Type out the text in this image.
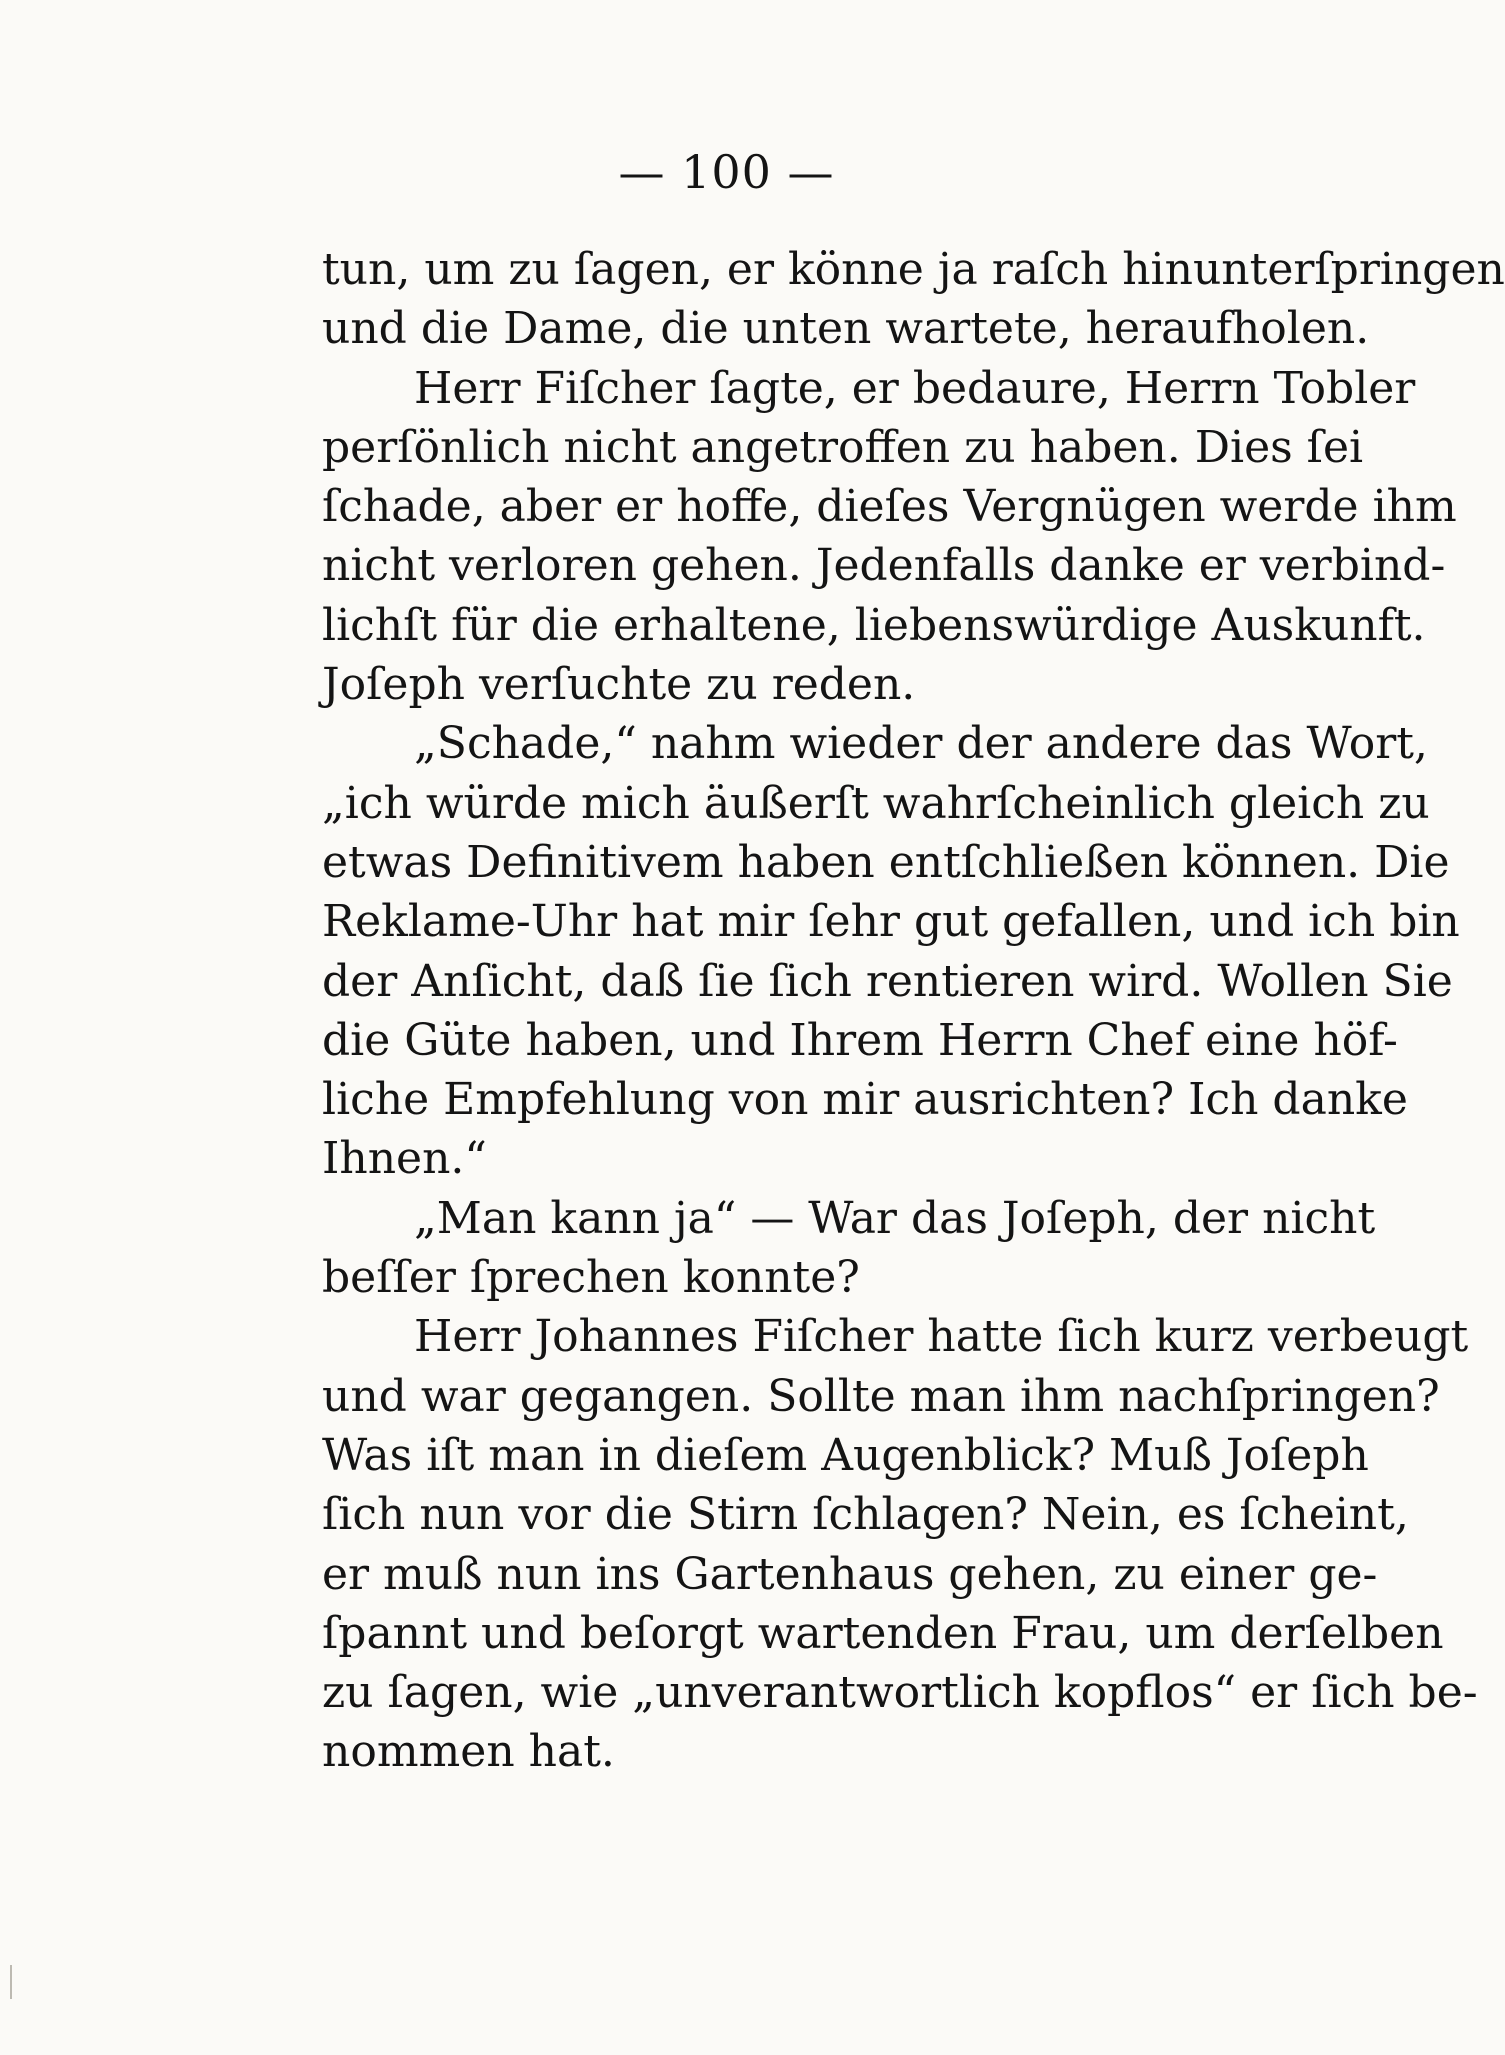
— 100 —
tun, um zu ſagen, er könne ja raſch hinunterſpringen
und die Dame, die unten wartete, heraufholen.
Herr Fiſcher ſagte, er bedaure, Herrn Tobler
perſönlich nicht angetroffen zu haben. Dies ſei
ſchade, aber er hoffe, dieſes Vergnügen werde ihm
nicht verloren gehen. Jedenfalls danke er verbind-
lichſt für die erhaltene, liebenswürdige Auskunft.
Joſeph verſuchte zu reden.
„Schade,“ nahm wieder der andere das Wort,
„ich würde mich äußerſt wahrſcheinlich gleich zu
etwas Definitivem haben entſchließen können. Die
Reklame-Uhr hat mir ſehr gut gefallen, und ich bin
der Anſicht, daß ſie ſich rentieren wird. Wollen Sie
die Güte haben, und Ihrem Herrn Chef eine höf-
liche Empfehlung von mir ausrichten? Ich danke
Ihnen.“
„Man kann ja“ — War das Joſeph, der nicht
beſſer ſprechen konnte?
Herr Johannes Fiſcher hatte ſich kurz verbeugt
und war gegangen. Sollte man ihm nachſpringen?
Was iſt man in dieſem Augenblick? Muß Joſeph
ſich nun vor die Stirn ſchlagen? Nein, es ſcheint,
er muß nun ins Gartenhaus gehen, zu einer ge-
ſpannt und beſorgt wartenden Frau, um derſelben
zu ſagen, wie „unverantwortlich kopflos“ er ſich be-
nommen hat.
